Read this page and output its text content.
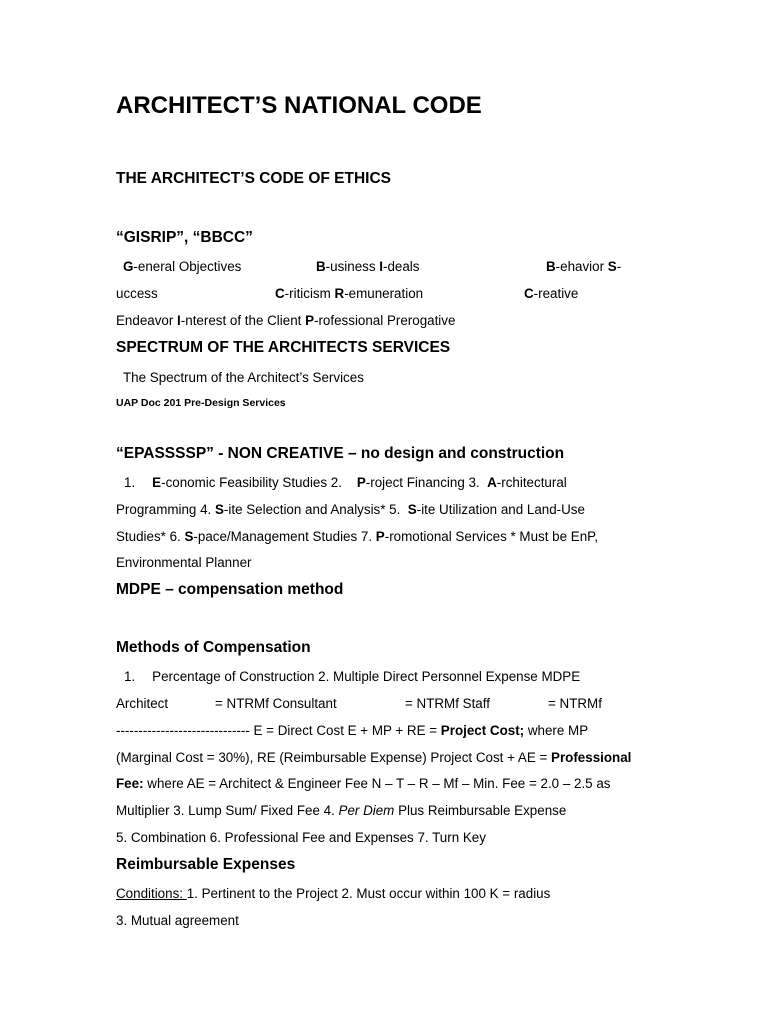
ARCHITECT’S NATIONAL CODE
THE ARCHITECT’S CODE OF ETHICS
“GISRIP”, “BBCC”
G-eneral Objectives	B-usiness I-deals	B-ehavior S-
uccess	C-riticism R-emuneration	C-reative
Endeavor I-nterest of the Client P-rofessional Prerogative
SPECTRUM OF THE ARCHITECTS SERVICES
The Spectrum of the Architect’s Services
UAP Doc 201 Pre-Design Services
“EPASSSSP” - NON CREATIVE – no design and construction
1. E-conomic Feasibility Studies 2. P-roject Financing 3. A-rchitectural
Programming 4. S-ite Selection and Analysis* 5. S-ite Utilization and Land-Use
Studies* 6. S-pace/Management Studies 7. P-romotional Services * Must be EnP,
Environmental Planner
MDPE – compensation method
Methods of Compensation
1. Percentage of Construction 2. Multiple Direct Personnel Expense MDPE
Architect	= NTRMf Consultant	= NTRMf Staff	= NTRMf
------------------------------ E = Direct Cost E + MP + RE = Project Cost; where MP
(Marginal Cost = 30%), RE (Reimbursable Expense) Project Cost + AE = Professional
Fee: where AE = Architect & Engineer Fee N – T – R – Mf – Min. Fee = 2.0 – 2.5 as
Multiplier 3. Lump Sum/ Fixed Fee 4. Per Diem Plus Reimbursable Expense
5. Combination 6. Professional Fee and Expenses 7. Turn Key
Reimbursable Expenses
Conditions: 1. Pertinent to the Project 2. Must occur within 100 K = radius
3. Mutual agreement
